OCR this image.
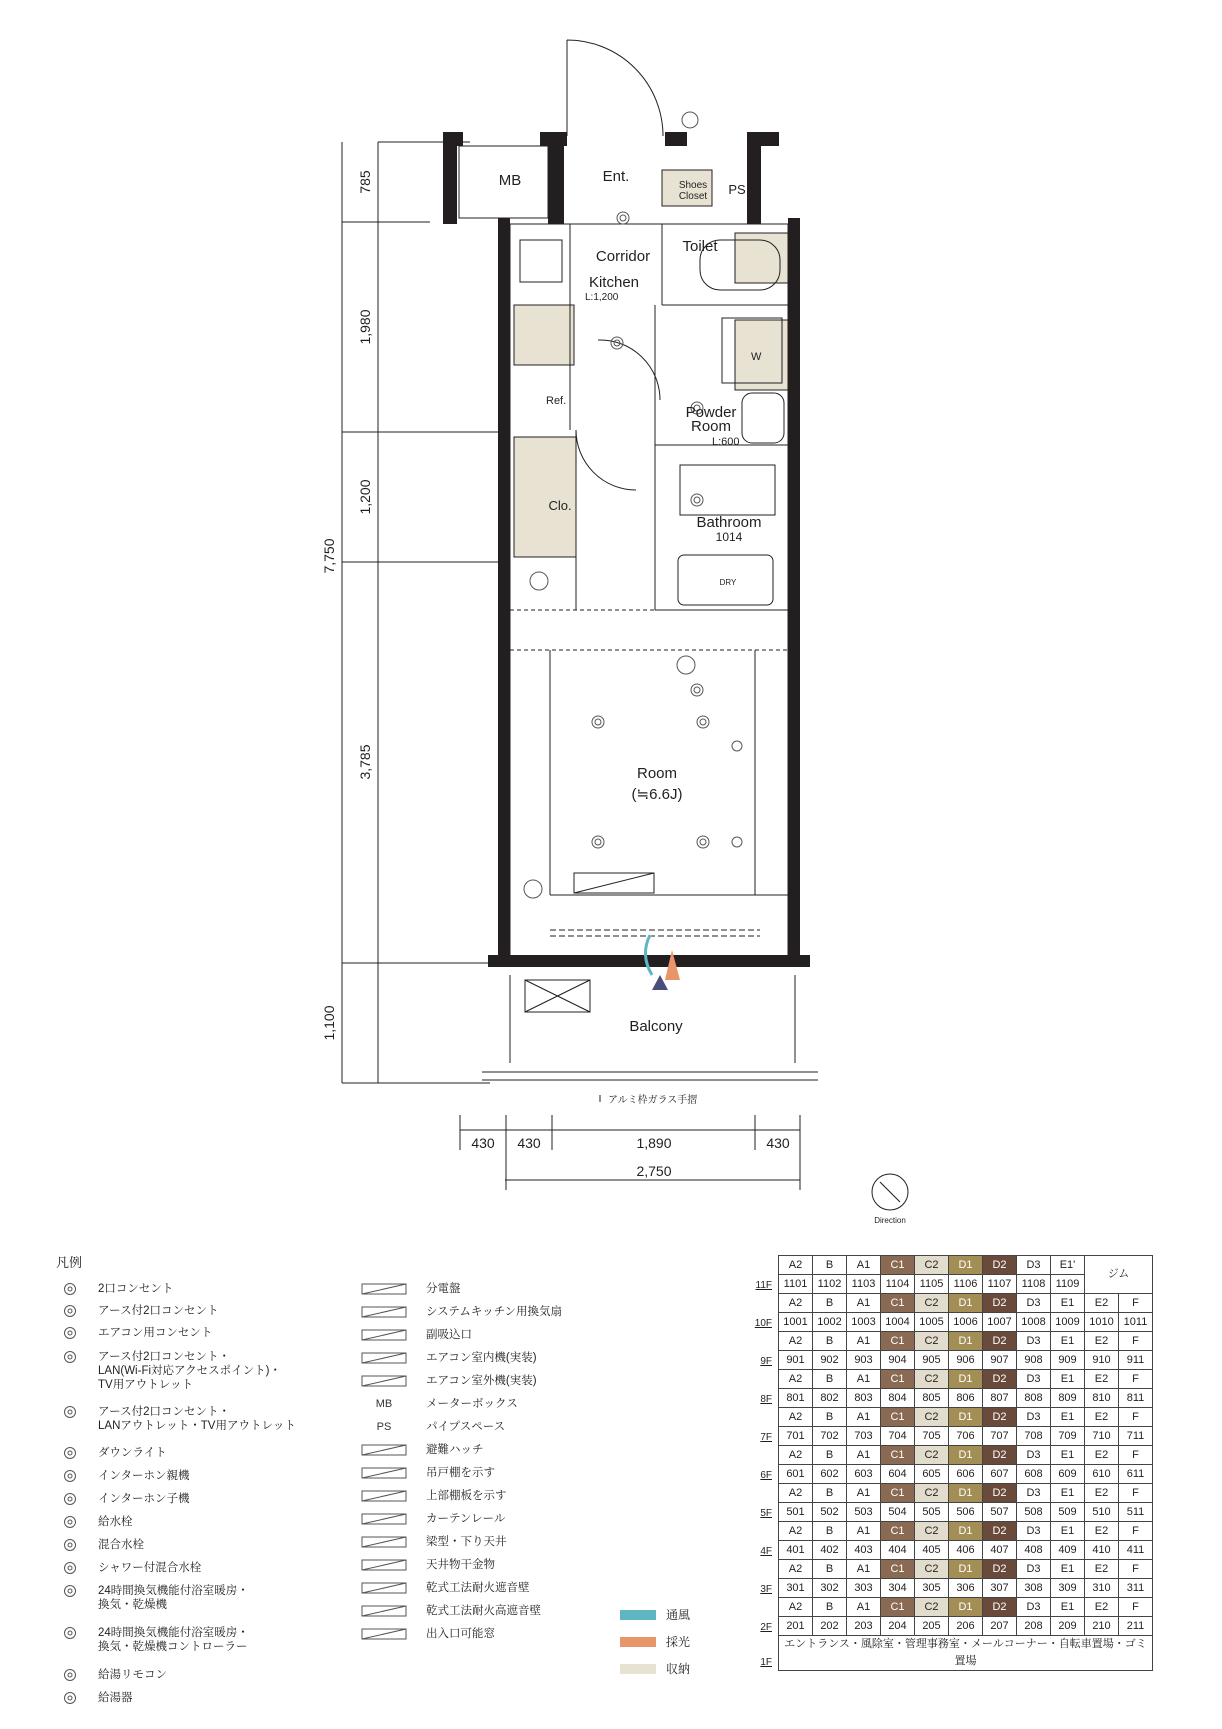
785
1,980
1,200
3,785
1,100
7,750
430 430	1,890	430
2,750
MB	Ent.
Shoes
Closet PS
Toilet
Corridor
Kitchen
L:1,200
Ref.
W
Powder
Room
L:600
Clo.
Bathroom
1014
DRY
Room
(≒6.6J)
Balcony
アルミ枠ガラス手摺
Direction
凡例
2口コンセント
アース付2口コンセント
エアコン用コンセント
アース付2口コンセント・
LAN(Wi-Fi対応アクセスポイント)・
TV用アウトレット
アース付2口コンセント・
LANアウトレット・TV用アウトレット
ダウンライト
インターホン親機
インターホン子機
給水栓
混合水栓
シャワー付混合水栓
24時間換気機能付浴室暖房・
換気・乾燥機
24時間換気機能付浴室暖房・
換気・乾燥機コントローラー
給湯リモコン
給湯器
分電盤
システムキッチン用換気扇
副吸込口
エアコン室内機(実装)
エアコン室外機(実装)
MB	メーターボックス
PS	パイプスペース
避難ハッチ
吊戸棚を示す
上部棚板を示す
カーテンレール
梁型・下り天井
天井物干金物
乾式工法耐火遮音壁
乾式工法耐火高遮音壁
出入口可能窓
通風
採光
収納
	A2	B	A1	C1	C2	D1	D2	D3	E1'	ジム	
11F	1101	1102	1103	1104	1105	1106	1107	1108	1109		
	A2	B	A1	C1	C2	D1	D2	D3	E1	E2	F
10F	1001	1002	1003	1004	1005	1006	1007	1008	1009	1010	1011
	A2	B	A1	C1	C2	D1	D2	D3	E1	E2	F
9F	901	902	903	904	905	906	907	908	909	910	911
	A2	B	A1	C1	C2	D1	D2	D3	E1	E2	F
8F	801	802	803	804	805	806	807	808	809	810	811
	A2	B	A1	C1	C2	D1	D2	D3	E1	E2	F
7F	701	702	703	704	705	706	707	708	709	710	711
	A2	B	A1	C1	C2	D1	D2	D3	E1	E2	F
6F	601	602	603	604	605	606	607	608	609	610	611
	A2	B	A1	C1	C2	D1	D2	D3	E1	E2	F
5F	501	502	503	504	505	506	507	508	509	510	511
	A2	B	A1	C1	C2	D1	D2	D3	E1	E2	F
4F	401	402	403	404	405	406	407	408	409	410	411
	A2	B	A1	C1	C2	D1	D2	D3	E1	E2	F
3F	301	302	303	304	305	306	307	308	309	310	311
	A2	B	A1	C1	C2	D1	D2	D3	E1	E2	F
2F	201	202	203	204	205	206	207	208	209	210	211
1F	エントランス・風除室・管理事務室・メールコーナー・自転車置場・ゴミ置場										
